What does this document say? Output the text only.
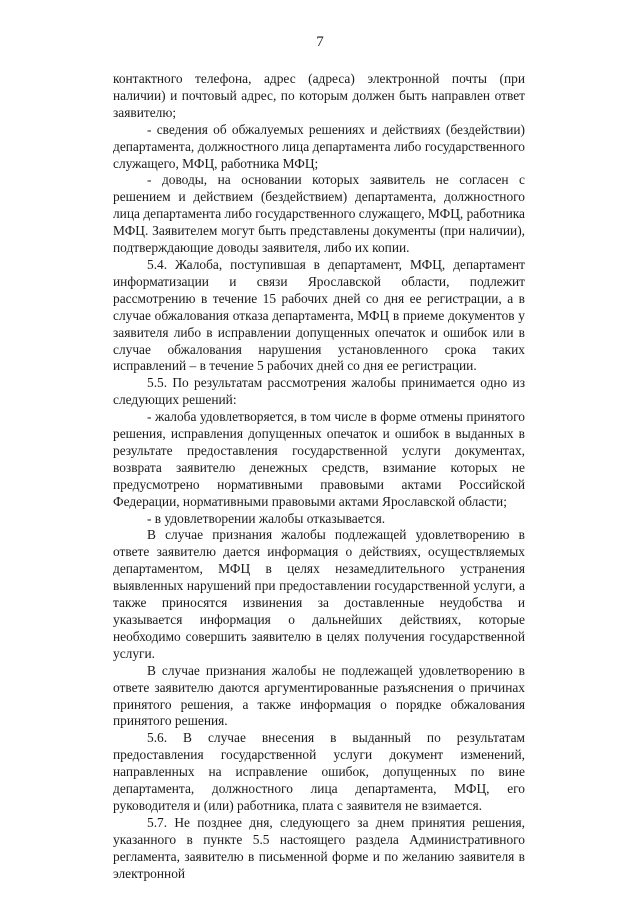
7

контактного телефона, адрес (адреса) электронной почты (при наличии) и почтовый адрес, по которым должен быть направлен ответ заявителю;

- сведения об обжалуемых решениях и действиях (бездействии) департамента, должностного лица департамента либо государственного служащего, МФЦ, работника МФЦ;

- доводы, на основании которых заявитель не согласен с решением и действием (бездействием) департамента, должностного лица департамента либо государственного служащего, МФЦ, работника МФЦ. Заявителем могут быть представлены документы (при наличии), подтверждающие доводы заявителя, либо их копии.

5.4. Жалоба, поступившая в департамент, МФЦ, департамент информатизации и связи Ярославской области, подлежит рассмотрению в течение 15 рабочих дней со дня ее регистрации, а в случае обжалования отказа департамента, МФЦ в приеме документов у заявителя либо в исправлении допущенных опечаток и ошибок или в случае обжалования нарушения установленного срока таких исправлений – в течение 5 рабочих дней со дня ее регистрации.

5.5. По результатам рассмотрения жалобы принимается одно из следующих решений:

- жалоба удовлетворяется, в том числе в форме отмены принятого решения, исправления допущенных опечаток и ошибок в выданных в результате предоставления государственной услуги документах, возврата заявителю денежных средств, взимание которых не предусмотрено нормативными правовыми актами Российской Федерации, нормативными правовыми актами Ярославской области;

- в удовлетворении жалобы отказывается.

В случае признания жалобы подлежащей удовлетворению в ответе заявителю дается информация о действиях, осуществляемых департаментом, МФЦ в целях незамедлительного устранения выявленных нарушений при предоставлении государственной услуги, а также приносятся извинения за доставленные неудобства и указывается информация о дальнейших действиях, которые необходимо совершить заявителю в целях получения государственной услуги.

В случае признания жалобы не подлежащей удовлетворению в ответе заявителю даются аргументированные разъяснения о причинах принятого решения, а также информация о порядке обжалования принятого решения.

5.6. В случае внесения в выданный по результатам предоставления государственной услуги документ изменений, направленных на исправление ошибок, допущенных по вине департамента, должностного лица департамента, МФЦ, его руководителя и (или) работника, плата с заявителя не взимается.

5.7. Не позднее дня, следующего за днем принятия решения, указанного в пункте 5.5 настоящего раздела Административного регламента, заявителю в письменной форме и по желанию заявителя в электронной
